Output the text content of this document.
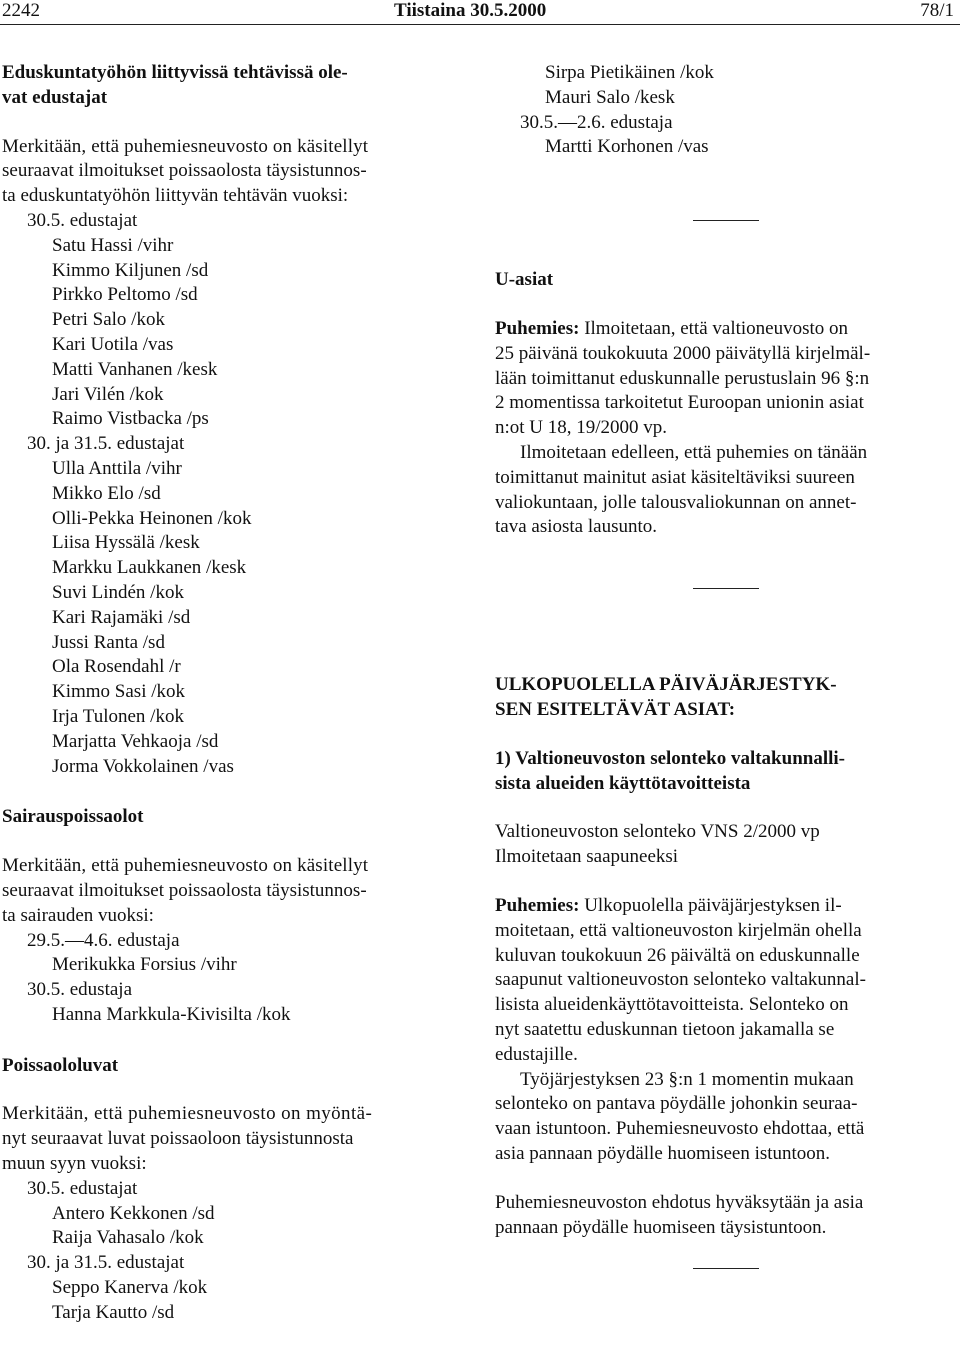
2242	Tiistaina 30.5.2000	78/1
Eduskuntatyöhön liittyvissä tehtävissä ole-
vat edustajat
Merkitään, että puhemiesneuvosto on käsitellyt
seuraavat ilmoitukset poissaolosta täysistunnos-
ta eduskuntatyöhön liittyvän tehtävän vuoksi:
30.5. edustajat
Satu Hassi /vihr
Kimmo Kiljunen /sd
Pirkko Peltomo /sd
Petri Salo /kok
Kari Uotila /vas
Matti Vanhanen /kesk
Jari Vilén /kok
Raimo Vistbacka /ps
30. ja 31.5. edustajat
Ulla Anttila /vihr
Mikko Elo /sd
Olli-Pekka Heinonen /kok
Liisa Hyssälä /kesk
Markku Laukkanen /kesk
Suvi Lindén /kok
Kari Rajamäki /sd
Jussi Ranta /sd
Ola Rosendahl /r
Kimmo Sasi /kok
Irja Tulonen /kok
Marjatta Vehkaoja /sd
Jorma Vokkolainen /vas
Sairauspoissaolot
Merkitään, että puhemiesneuvosto on käsitellyt
seuraavat ilmoitukset poissaolosta täysistunnos-
ta sairauden vuoksi:
29.5.—4.6. edustaja
Merikukka Forsius /vihr
30.5. edustaja
Hanna Markkula-Kivisilta /kok
Poissaololuvat
Merkitään, että puhemiesneuvosto on myöntä-
nyt seuraavat luvat poissaoloon täysistunnosta
muun syyn vuoksi:
30.5. edustajat
Antero Kekkonen /sd
Raija Vahasalo /kok
30. ja 31.5. edustajat
Seppo Kanerva /kok
Tarja Kautto /sd
Sirpa Pietikäinen /kok
Mauri Salo /kesk
30.5.—2.6. edustaja
Martti Korhonen /vas
U-asiat
Puhemies: Ilmoitetaan, että valtioneuvosto on
25 päivänä toukokuuta 2000 päivätyllä kirjelmäl-
lään toimittanut eduskunnalle perustuslain 96 §:n
2 momentissa tarkoitetut Euroopan unionin asiat
n:ot U 18, 19/2000 vp.
Ilmoitetaan edelleen, että puhemies on tänään
toimittanut mainitut asiat käsiteltäviksi suureen
valiokuntaan, jolle talousvaliokunnan on annet-
tava asiosta lausunto.
ULKOPUOLELLA PÄIVÄJÄRJESTYK-
SEN ESITELTÄVÄT ASIAT:
1) Valtioneuvoston selonteko valtakunnalli-
sista alueiden käyttötavoitteista
Valtioneuvoston selonteko VNS 2/2000 vp
Ilmoitetaan saapuneeksi
Puhemies: Ulkopuolella päiväjärjestyksen il-
moitetaan, että valtioneuvoston kirjelmän ohella
kuluvan toukokuun 26 päivältä on eduskunnalle
saapunut valtioneuvoston selonteko valtakunnal-
lisista alueidenkäyttötavoitteista. Selonteko on
nyt saatettu eduskunnan tietoon jakamalla se
edustajille.
Työjärjestyksen 23 §:n 1 momentin mukaan
selonteko on pantava pöydälle johonkin seuraa-
vaan istuntoon. Puhemiesneuvosto ehdottaa, että
asia pannaan pöydälle huomiseen istuntoon.
Puhemiesneuvoston ehdotus hyväksytään ja asia
pannaan pöydälle huomiseen täysistuntoon.
